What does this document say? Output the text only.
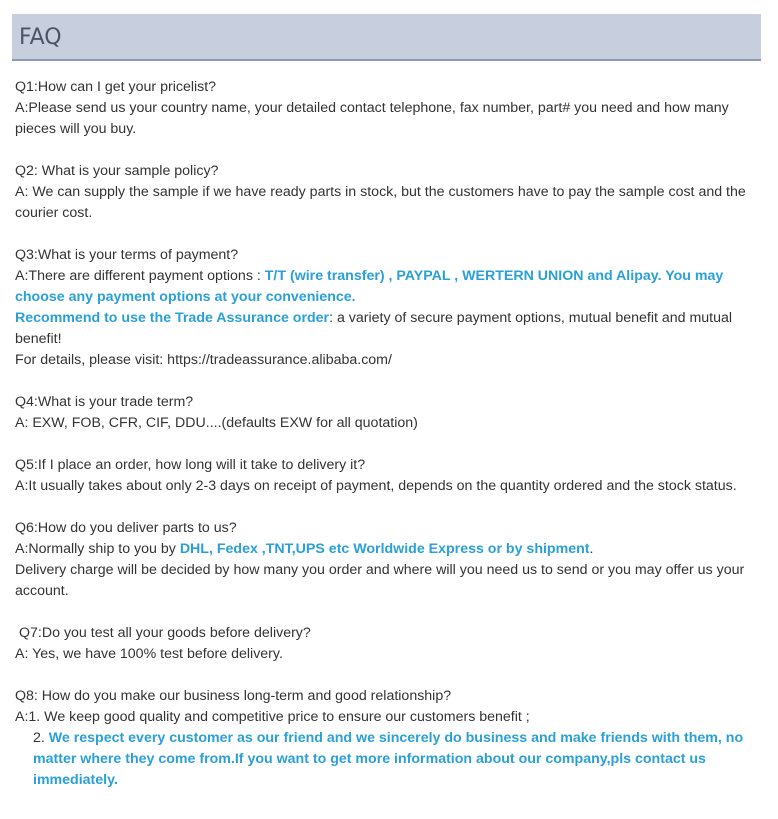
FAQ

Q1:How can I get your pricelist?

A:Please send us your country name, your detailed contact telephone, fax number, part# you need and how many pieces will you buy.

Q2: What is your sample policy?

A: We can supply the sample if we have ready parts in stock, but the customers have to pay the sample cost and the courier cost.

Q3:What is your terms of payment?

A:There are different payment options : T/T (wire transfer) , PAYPAL , WERTERN UNION and Alipay. You may choose any payment options at your convenience.

Recommend to use the Trade Assurance order: a variety of secure payment options, mutual benefit and mutual benefit!

For details, please visit: https://tradeassurance.alibaba.com/

Q4:What is your trade term?

A: EXW, FOB, CFR, CIF, DDU....(defaults EXW for all quotation)

Q5:If I place an order, how long will it take to delivery it?

A:It usually takes about only 2-3 days on receipt of payment, depends on the quantity ordered and the stock status.

Q6:How do you deliver parts to us?

A:Normally ship to you by DHL, Fedex ,TNT,UPS etc Worldwide Express or by shipment.

Delivery charge will be decided by how many you order and where will you need us to send or you may offer us your account.

Q7:Do you test all your goods before delivery?

A: Yes, we have 100% test before delivery.

Q8: How do you make our business long-term and good relationship?

A:1. We keep good quality and competitive price to ensure our customers benefit ;

2. We respect every customer as our friend and we sincerely do business and make friends with them, no matter where they come from.If you want to get more information about our company,pls contact us immediately.
